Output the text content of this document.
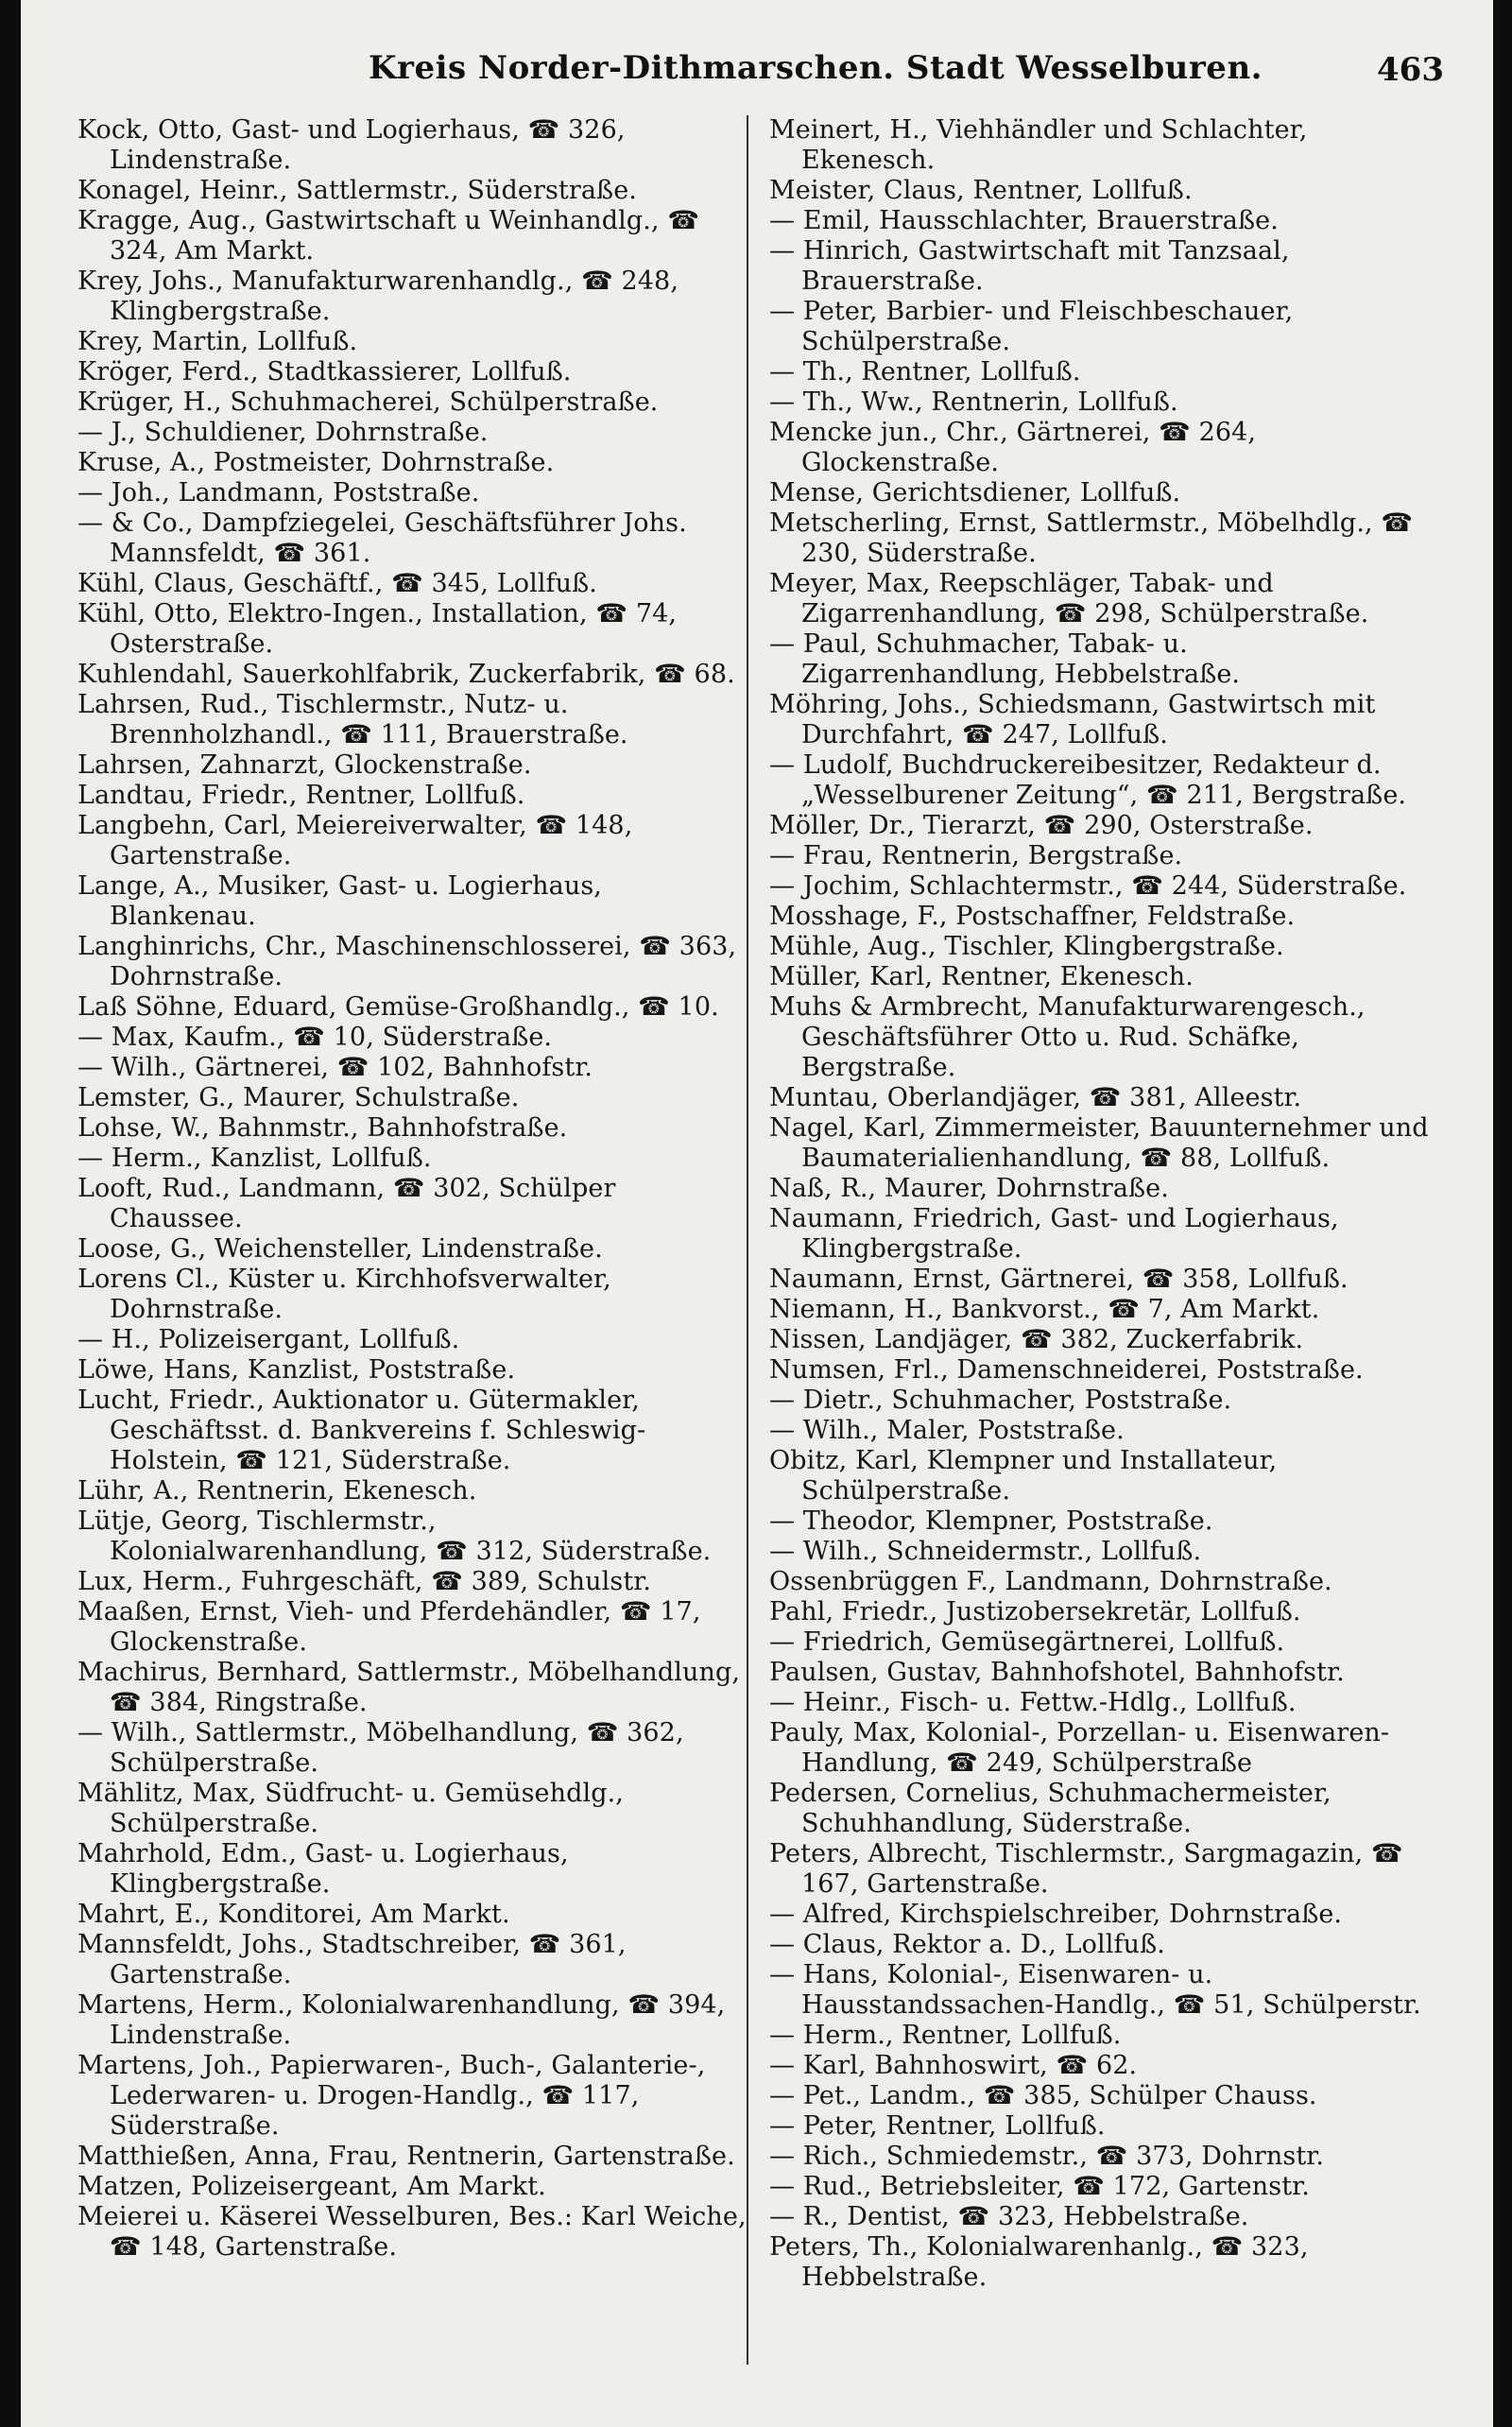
Kreis Norder-Dithmarschen. Stadt Wesselburen.	463

Kock, Otto, Gast- und Logierhaus, ☎ 326, Lindenstraße.

Konagel, Heinr., Sattlermstr., Süderstraße.

Kragge, Aug., Gastwirtschaft u Weinhandlg., ☎ 324, Am Markt.

Krey, Johs., Manufakturwarenhandlg., ☎ 248, Klingbergstraße.

Krey, Martin, Lollfuß.

Kröger, Ferd., Stadtkassierer, Lollfuß.

Krüger, H., Schuhmacherei, Schülperstraße.

— J., Schuldiener, Dohrnstraße.

Kruse, A., Postmeister, Dohrnstraße.

— Joh., Landmann, Poststraße.

— & Co., Dampfziegelei, Geschäftsführer Johs. Mannsfeldt, ☎ 361.

Kühl, Claus, Geschäftf., ☎ 345, Lollfuß.

Kühl, Otto, Elektro-Ingen., Installation, ☎ 74, Osterstraße.

Kuhlendahl, Sauerkohlfabrik, Zuckerfabrik, ☎ 68.

Lahrsen, Rud., Tischlermstr., Nutz- u. Brennholzhandl., ☎ 111, Brauerstraße.

Lahrsen, Zahnarzt, Glockenstraße.

Landtau, Friedr., Rentner, Lollfuß.

Langbehn, Carl, Meiereiverwalter, ☎ 148, Gartenstraße.

Lange, A., Musiker, Gast- u. Logierhaus, Blankenau.

Langhinrichs, Chr., Maschinenschlosserei, ☎ 363, Dohrnstraße.

Laß Söhne, Eduard, Gemüse-Großhandlg., ☎ 10.

— Max, Kaufm., ☎ 10, Süderstraße.

— Wilh., Gärtnerei, ☎ 102, Bahnhofstr.

Lemster, G., Maurer, Schulstraße.

Lohse, W., Bahnmstr., Bahnhofstraße.

— Herm., Kanzlist, Lollfuß.

Looft, Rud., Landmann, ☎ 302, Schülper Chaussee.

Loose, G., Weichensteller, Lindenstraße.

Lorens Cl., Küster u. Kirchhofsverwalter, Dohrnstraße.

— H., Polizeisergant, Lollfuß.

Löwe, Hans, Kanzlist, Poststraße.

Lucht, Friedr., Auktionator u. Gütermakler, Geschäftsst. d. Bankvereins f. Schleswig-Holstein, ☎ 121, Süderstraße.

Lühr, A., Rentnerin, Ekenesch.

Lütje, Georg, Tischlermstr., Kolonialwarenhandlung, ☎ 312, Süderstraße.

Lux, Herm., Fuhrgeschäft, ☎ 389, Schulstr.

Maaßen, Ernst, Vieh- und Pferdehändler, ☎ 17, Glockenstraße.

Machirus, Bernhard, Sattlermstr., Möbelhandlung, ☎ 384, Ringstraße.

— Wilh., Sattlermstr., Möbelhandlung, ☎ 362, Schülperstraße.

Mählitz, Max, Südfrucht- u. Gemüsehdlg., Schülperstraße.

Mahrhold, Edm., Gast- u. Logierhaus, Klingbergstraße.

Mahrt, E., Konditorei, Am Markt.

Mannsfeldt, Johs., Stadtschreiber, ☎ 361, Gartenstraße.

Martens, Herm., Kolonialwarenhandlung, ☎ 394, Lindenstraße.

Martens, Joh., Papierwaren-, Buch-, Galanterie-, Lederwaren- u. Drogen-Handlg., ☎ 117, Süderstraße.

Matthießen, Anna, Frau, Rentnerin, Gartenstraße.

Matzen, Polizeisergeant, Am Markt.

Meierei u. Käserei Wesselburen, Bes.: Karl Weiche, ☎ 148, Gartenstraße.

Meinert, H., Viehhändler und Schlachter, Ekenesch.

Meister, Claus, Rentner, Lollfuß.

— Emil, Hausschlachter, Brauerstraße.

— Hinrich, Gastwirtschaft mit Tanzsaal, Brauerstraße.

— Peter, Barbier- und Fleischbeschauer, Schülperstraße.

— Th., Rentner, Lollfuß.

— Th., Ww., Rentnerin, Lollfuß.

Mencke jun., Chr., Gärtnerei, ☎ 264, Glockenstraße.

Mense, Gerichtsdiener, Lollfuß.

Metscherling, Ernst, Sattlermstr., Möbelhdlg., ☎ 230, Süderstraße.

Meyer, Max, Reepschläger, Tabak- und Zigarrenhandlung, ☎ 298, Schülperstraße.

— Paul, Schuhmacher, Tabak- u. Zigarrenhandlung, Hebbelstraße.

Möhring, Johs., Schiedsmann, Gastwirtsch mit Durchfahrt, ☎ 247, Lollfuß.

— Ludolf, Buchdruckereibesitzer, Redakteur d. „Wesselburener Zeitung“, ☎ 211, Bergstraße.

Möller, Dr., Tierarzt, ☎ 290, Osterstraße.

— Frau, Rentnerin, Bergstraße.

— Jochim, Schlachtermstr., ☎ 244, Süderstraße.

Mosshage, F., Postschaffner, Feldstraße.

Mühle, Aug., Tischler, Klingbergstraße.

Müller, Karl, Rentner, Ekenesch.

Muhs & Armbrecht, Manufakturwarengesch., Geschäftsführer Otto u. Rud. Schäfke, Bergstraße.

Muntau, Oberlandjäger, ☎ 381, Alleestr.

Nagel, Karl, Zimmermeister, Bauunternehmer und Baumaterialienhandlung, ☎ 88, Lollfuß.

Naß, R., Maurer, Dohrnstraße.

Naumann, Friedrich, Gast- und Logierhaus, Klingbergstraße.

Naumann, Ernst, Gärtnerei, ☎ 358, Lollfuß.

Niemann, H., Bankvorst., ☎ 7, Am Markt.

Nissen, Landjäger, ☎ 382, Zuckerfabrik.

Numsen, Frl., Damenschneiderei, Poststraße.

— Dietr., Schuhmacher, Poststraße.

— Wilh., Maler, Poststraße.

Obitz, Karl, Klempner und Installateur, Schülperstraße.

— Theodor, Klempner, Poststraße.

— Wilh., Schneidermstr., Lollfuß.

Ossenbrüggen F., Landmann, Dohrnstraße.

Pahl, Friedr., Justizobersekretär, Lollfuß.

— Friedrich, Gemüsegärtnerei, Lollfuß.

Paulsen, Gustav, Bahnhofshotel, Bahnhofstr.

— Heinr., Fisch- u. Fettw.-Hdlg., Lollfuß.

Pauly, Max, Kolonial-, Porzellan- u. Eisenwaren-Handlung, ☎ 249, Schülperstraße

Pedersen, Cornelius, Schuhmachermeister, Schuhhandlung, Süderstraße.

Peters, Albrecht, Tischlermstr., Sargmagazin, ☎ 167, Gartenstraße.

— Alfred, Kirchspielschreiber, Dohrnstraße.

— Claus, Rektor a. D., Lollfuß.

— Hans, Kolonial-, Eisenwaren- u. Hausstandssachen-Handlg., ☎ 51, Schülperstr.

— Herm., Rentner, Lollfuß.

— Karl, Bahnhoswirt, ☎ 62.

— Pet., Landm., ☎ 385, Schülper Chauss.

— Peter, Rentner, Lollfuß.

— Rich., Schmiedemstr., ☎ 373, Dohrnstr.

— Rud., Betriebsleiter, ☎ 172, Gartenstr.

— R., Dentist, ☎ 323, Hebbelstraße.

Peters, Th., Kolonialwarenhanlg., ☎ 323, Hebbelstraße.
